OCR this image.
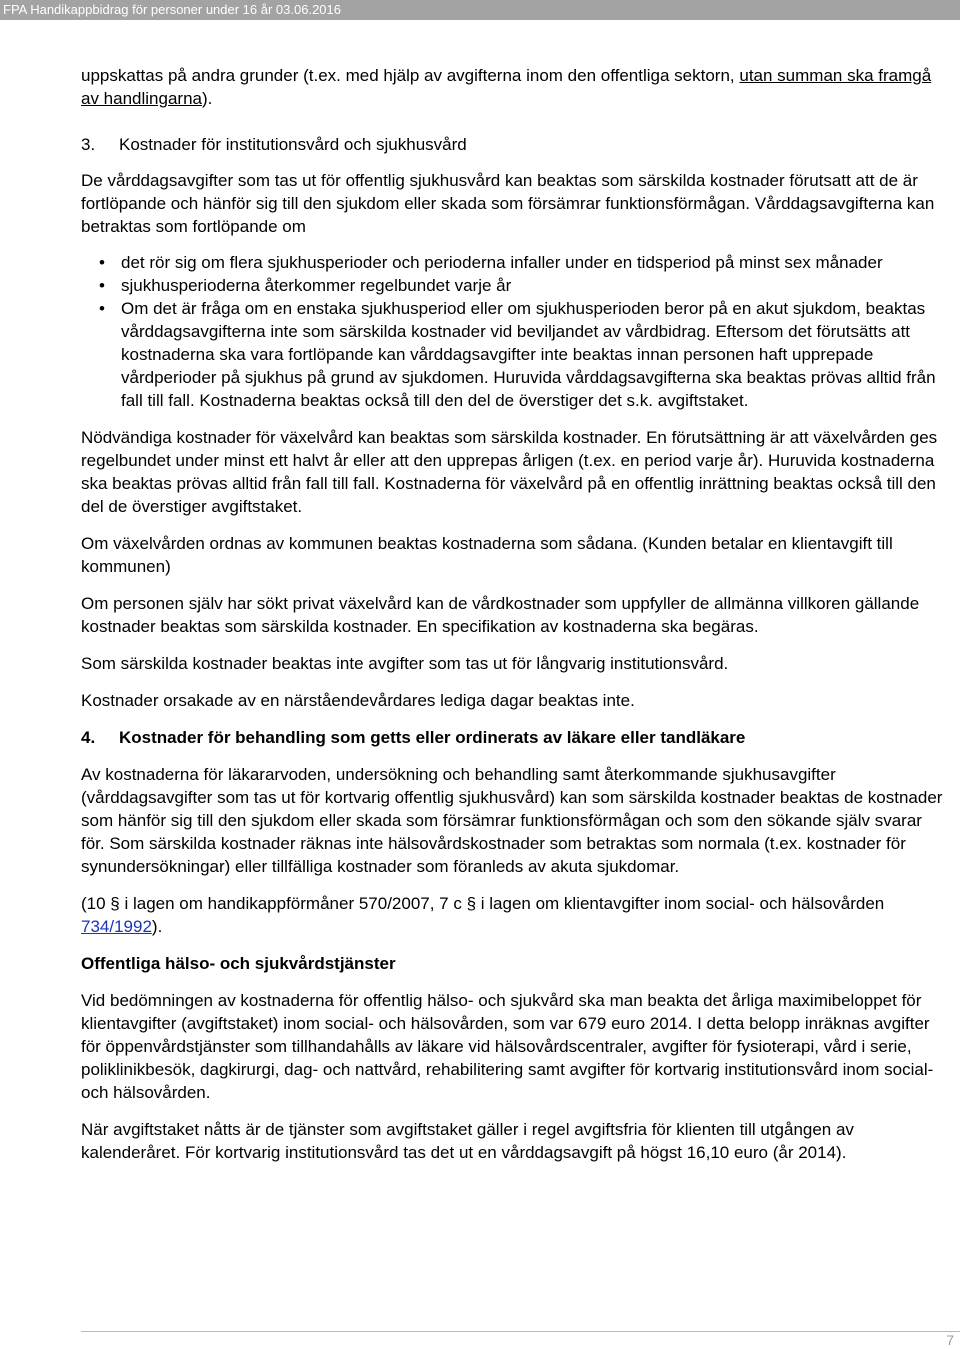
FPA Handikappbidrag för personer under 16 år 03.06.2016

uppskattas på andra grunder (t.ex. med hjälp av avgifterna inom den offentliga sektorn, utan summan ska framgå av handlingarna).

3. Kostnader för institutionsvård och sjukhusvård

De vårddagsavgifter som tas ut för offentlig sjukhusvård kan beaktas som särskilda kostnader förutsatt att de är fortlöpande och hänför sig till den sjukdom eller skada som försämrar funktionsförmågan. Vårddagsavgifterna kan betraktas som fortlöpande om

• det rör sig om flera sjukhusperioder och perioderna infaller under en tidsperiod på minst sex månader
• sjukhusperioderna återkommer regelbundet varje år
• Om det är fråga om en enstaka sjukhusperiod eller om sjukhusperioden beror på en akut sjukdom, beaktas vårddagsavgifterna inte som särskilda kostnader vid beviljandet av vårdbidrag. Eftersom det förutsätts att kostnaderna ska vara fortlöpande kan vårddagsavgifter inte beaktas innan personen haft upprepade vårdperioder på sjukhus på grund av sjukdomen. Huruvida vårddagsavgifterna ska beaktas prövas alltid från fall till fall. Kostnaderna beaktas också till den del de överstiger det s.k. avgiftstaket.

Nödvändiga kostnader för växelvård kan beaktas som särskilda kostnader. En förutsättning är att växelvården ges regelbundet under minst ett halvt år eller att den upprepas årligen (t.ex. en period varje år). Huruvida kostnaderna ska beaktas prövas alltid från fall till fall. Kostnaderna för växelvård på en offentlig inrättning beaktas också till den del de överstiger avgiftstaket.

Om växelvården ordnas av kommunen beaktas kostnaderna som sådana. (Kunden betalar en klientavgift till kommunen)

Om personen själv har sökt privat växelvård kan de vårdkostnader som uppfyller de allmänna villkoren gällande kostnader beaktas som särskilda kostnader. En specifikation av kostnaderna ska begäras.

Som särskilda kostnader beaktas inte avgifter som tas ut för långvarig institutionsvård.

Kostnader orsakade av en närståendevårdares lediga dagar beaktas inte.

4. Kostnader för behandling som getts eller ordinerats av läkare eller tandläkare

Av kostnaderna för läkararvoden, undersökning och behandling samt återkommande sjukhusavgifter (vårddagsavgifter som tas ut för kortvarig offentlig sjukhusvård) kan som särskilda kostnader beaktas de kostnader som hänför sig till den sjukdom eller skada som försämrar funktionsförmågan och som den sökande själv svarar för. Som särskilda kostnader räknas inte hälsovårdskostnader som betraktas som normala (t.ex. kostnader för synundersökningar) eller tillfälliga kostnader som föranleds av akuta sjukdomar.

(10 § i lagen om handikappförmåner 570/2007, 7 c § i lagen om klientavgifter inom social- och hälsovården 734/1992).

Offentliga hälso- och sjukvårdstjänster

Vid bedömningen av kostnaderna för offentlig hälso- och sjukvård ska man beakta det årliga maximibeloppet för klientavgifter (avgiftstaket) inom social- och hälsovården, som var 679 euro 2014. I detta belopp inräknas avgifter för öppenvårdstjänster som tillhandahålls av läkare vid hälsovårdscentraler, avgifter för fysioterapi, vård i serie, poliklinikbesök, dagkirurgi, dag- och nattvård, rehabilitering samt avgifter för kortvarig institutionsvård inom social- och hälsovården.

När avgiftstaket nåtts är de tjänster som avgiftstaket gäller i regel avgiftsfria för klienten till utgången av kalenderåret. För kortvarig institutionsvård tas det ut en vårddagsavgift på högst 16,10 euro (år 2014).

7
